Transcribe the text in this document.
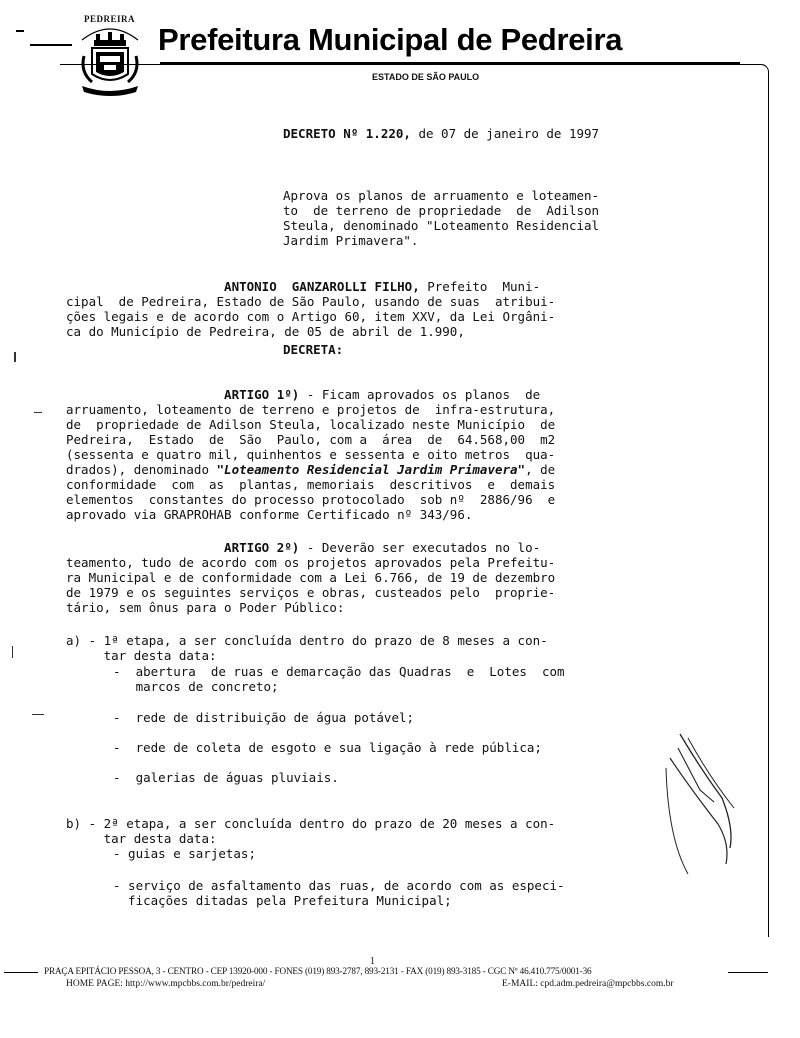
PEDREIRA
Prefeitura Municipal de Pedreira
ESTADO DE SÃO PAULO
DECRETO Nº 1.220, de 07 de janeiro de 1997

Aprova os planos de arruamento e loteamen-
to  de terreno de propriedade  de  Adilson
Steula, denominado "Loteamento Residencial
Jardim Primavera".

ANTONIO  GANZAROLLI FILHO, Prefeito  Muni-
cipal  de Pedreira, Estado de São Paulo, usando de suas  atribui-
ções legais e de acordo com o Artigo 60, item XXV, da Lei Orgâni-
ca do Município de Pedreira, de 05 de abril de 1.990,

DECRETA:

ARTIGO 1º) - Ficam aprovados os planos  de
arruamento, loteamento de terreno e projetos de  infra-estrutura,
de  propriedade de Adilson Steula, localizado neste Município  de
Pedreira,  Estado  de  São  Paulo, com a  área  de  64.568,00  m2
(sessenta e quatro mil, quinhentos e sessenta e oito metros  qua-
drados), denominado "Loteamento Residencial Jardim Primavera", de
conformidade  com  as  plantas, memoriais  descritivos  e  demais
elementos  constantes do processo protocolado  sob nº  2886/96  e
aprovado via GRAPROHAB conforme Certificado nº 343/96.

ARTIGO 2º) - Deverão ser executados no lo-
teamento, tudo de acordo com os projetos aprovados pela Prefeitu-
ra Municipal e de conformidade com a Lei 6.766, de 19 de dezembro
de 1979 e os seguintes serviços e obras, custeados pelo  proprie-
tário, sem ônus para o Poder Público:

a) - 1ª etapa, a ser concluída dentro do prazo de 8 meses a con-
tar desta data:

-  abertura  de ruas e demarcação das Quadras  e  Lotes  com
marcos de concreto;
-  rede de distribuição de água potável;
-  rede de coleta de esgoto e sua ligação à rede pública;
-  galerias de águas pluviais.

b) - 2ª etapa, a ser concluída dentro do prazo de 20 meses a con-
tar desta data:

- guias e sarjetas;
- serviço de asfaltamento das ruas, de acordo com as especi-
ficações ditadas pela Prefeitura Municipal;
1
PRAÇA EPITÁCIO PESSOA, 3 - CENTRO - CEP 13920-000 - FONES (019) 893-2787, 893-2131 - FAX (019) 893-3185 - CGC Nº 46.410.775/0001-36
HOME PAGE: http://www.mpcbbs.com.br/pedreira/	E-MAIL: cpd.adm.pedreira@mpcbbs.com.br
